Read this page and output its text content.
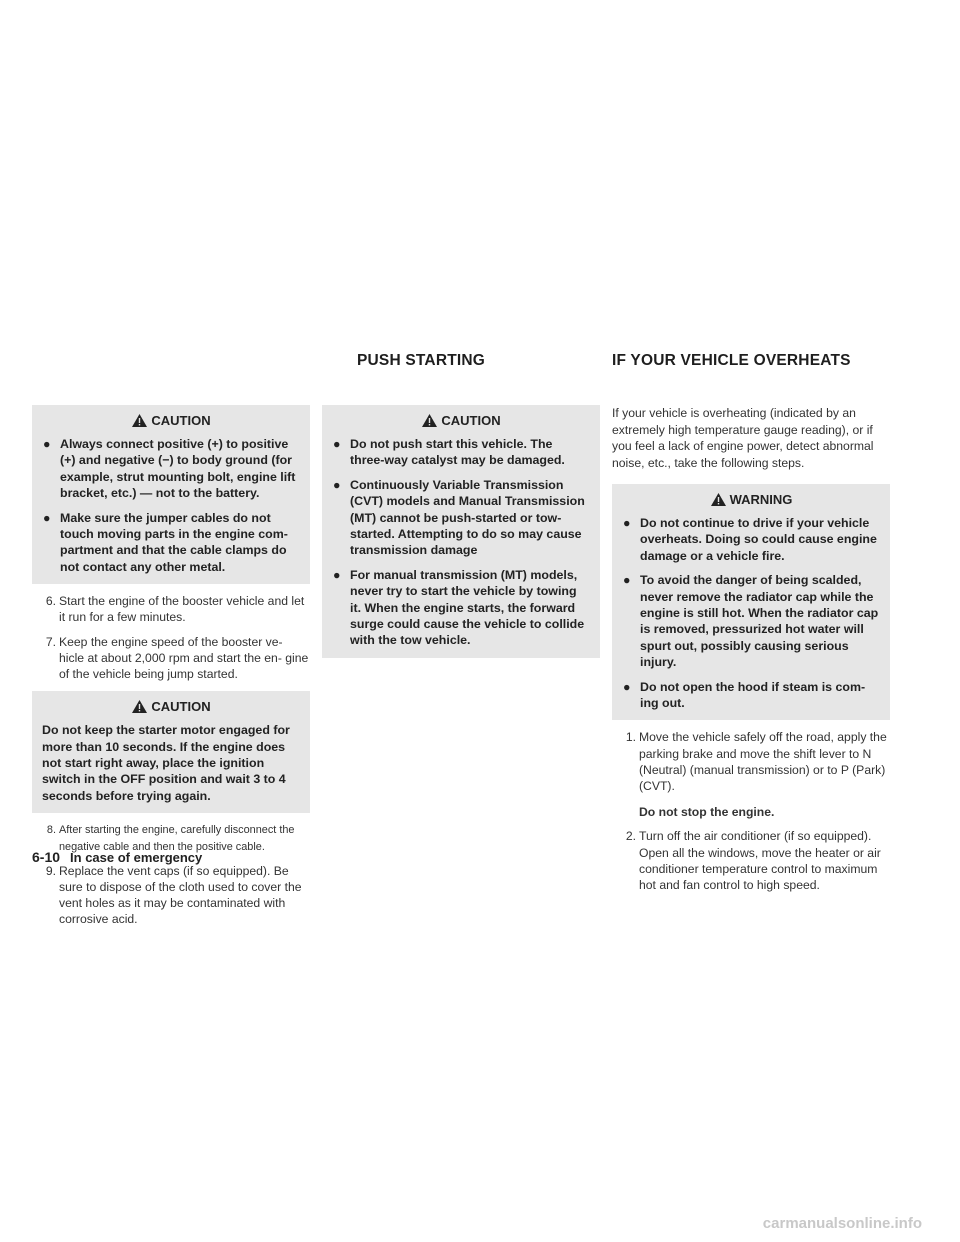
PUSH STARTING	IF YOUR VEHICLE OVERHEATS
CAUTION
● Always connect positive (+) to positive (+) and negative (−) to body ground (for example, strut mounting bolt, engine lift bracket, etc.) — not to the battery.
● Make sure the jumper cables do not touch moving parts in the engine com- partment and that the cable clamps do not contact any other metal.
6. Start the engine of the booster vehicle and let it run for a few minutes.
7. Keep the engine speed of the booster ve- hicle at about 2,000 rpm and start the en- gine of the vehicle being jump started.
CAUTION

Do not keep the starter motor engaged for more than 10 seconds. If the engine does not start right away, place the ignition switch in the OFF position and wait 3 to 4 seconds before trying again.

8. After starting the engine, carefully disconnect the negative cable and then the positive cable.
9. Replace the vent caps (if so equipped). Be sure to dispose of the cloth used to cover the vent holes as it may be contaminated with corrosive acid.
CAUTION
● Do not push start this vehicle. The three-way catalyst may be damaged.
● Continuously Variable Transmission (CVT) models and Manual Transmission (MT) cannot be push-started or tow- started. Attempting to do so may cause transmission damage
● For manual transmission (MT) models, never try to start the vehicle by towing it. When the engine starts, the forward surge could cause the vehicle to collide with the tow vehicle.

If your vehicle is overheating (indicated by an extremely high temperature gauge reading), or if you feel a lack of engine power, detect abnormal noise, etc., take the following steps.

WARNING
● Do not continue to drive if your vehicle overheats. Doing so could cause engine damage or a vehicle fire.
● To avoid the danger of being scalded, never remove the radiator cap while the engine is still hot. When the radiator cap is removed, pressurized hot water will spurt out, possibly causing serious injury.
● Do not open the hood if steam is com- ing out.
1. Move the vehicle safely off the road, apply the parking brake and move the shift lever to N (Neutral) (manual transmission) or to P (Park) (CVT).
Do not stop the engine.
2. Turn off the air conditioner (if so equipped). Open all the windows, move the heater or air conditioner temperature control to maximum hot and fan control to high speed.
6-10 In case of emergency
carmanualsonline.info
